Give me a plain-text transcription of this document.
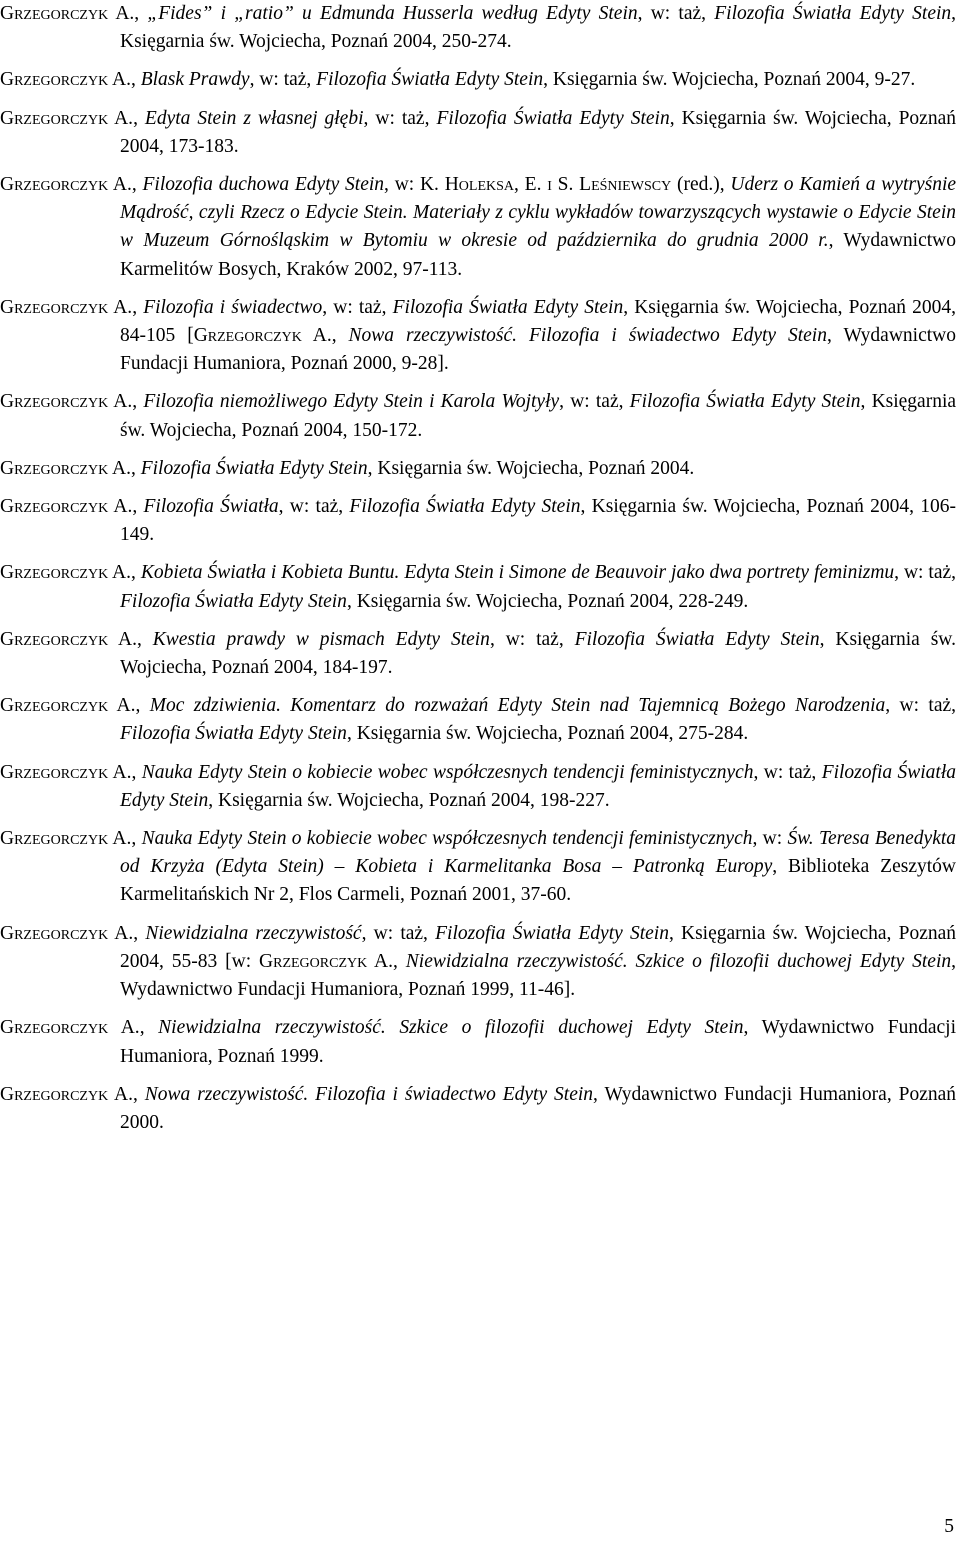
Grzegorczyk A., „Fides” i „ratio” u Edmunda Husserla według Edyty Stein, w: taż, Filozofia Światła Edyty Stein, Księgarnia św. Wojciecha, Poznań 2004, 250-274.
Grzegorczyk A., Blask Prawdy, w: taż, Filozofia Światła Edyty Stein, Księgarnia św. Wojciecha, Poznań 2004, 9-27.
Grzegorczyk A., Edyta Stein z własnej głębi, w: taż, Filozofia Światła Edyty Stein, Księgarnia św. Wojciecha, Poznań 2004, 173-183.
Grzegorczyk A., Filozofia duchowa Edyty Stein, w: K. Holeksa, E. i S. Leśniewscy (red.), Uderz o Kamień a wytryśnie Mądrość, czyli Rzecz o Edycie Stein. Materiały z cyklu wykładów towarzyszących wystawie o Edycie Stein w Muzeum Górnośląskim w Bytomiu w okresie od października do grudnia 2000 r., Wydawnictwo Karmelitów Bosych, Kraków 2002, 97-113.
Grzegorczyk A., Filozofia i świadectwo, w: taż, Filozofia Światła Edyty Stein, Księgarnia św. Wojciecha, Poznań 2004, 84-105 [Grzegorczyk A., Nowa rzeczywistość. Filozofia i świadectwo Edyty Stein, Wydawnictwo Fundacji Humaniora, Poznań 2000, 9-28].
Grzegorczyk A., Filozofia niemożliwego Edyty Stein i Karola Wojtyły, w: taż, Filozofia Światła Edyty Stein, Księgarnia św. Wojciecha, Poznań 2004, 150-172.
Grzegorczyk A., Filozofia Światła Edyty Stein, Księgarnia św. Wojciecha, Poznań 2004.
Grzegorczyk A., Filozofia Światła, w: taż, Filozofia Światła Edyty Stein, Księgarnia św. Wojciecha, Poznań 2004, 106-149.
Grzegorczyk A., Kobieta Światła i Kobieta Buntu. Edyta Stein i Simone de Beauvoir jako dwa portrety feminizmu, w: taż, Filozofia Światła Edyty Stein, Księgarnia św. Wojciecha, Poznań 2004, 228-249.
Grzegorczyk A., Kwestia prawdy w pismach Edyty Stein, w: taż, Filozofia Światła Edyty Stein, Księgarnia św. Wojciecha, Poznań 2004, 184-197.
Grzegorczyk A., Moc zdziwienia. Komentarz do rozważań Edyty Stein nad Tajemnicą Bożego Narodzenia, w: taż, Filozofia Światła Edyty Stein, Księgarnia św. Wojciecha, Poznań 2004, 275-284.
Grzegorczyk A., Nauka Edyty Stein o kobiecie wobec współczesnych tendencji feministycznych, w: taż, Filozofia Światła Edyty Stein, Księgarnia św. Wojciecha, Poznań 2004, 198-227.
Grzegorczyk A., Nauka Edyty Stein o kobiecie wobec współczesnych tendencji feministycznych, w: Św. Teresa Benedykta od Krzyża (Edyta Stein) – Kobieta i Karmelitanka Bosa – Patronką Europy, Biblioteka Zeszytów Karmelitańskich Nr 2, Flos Carmeli, Poznań 2001, 37-60.
Grzegorczyk A., Niewidzialna rzeczywistość, w: taż, Filozofia Światła Edyty Stein, Księgarnia św. Wojciecha, Poznań 2004, 55-83 [w: Grzegorczyk A., Niewidzialna rzeczywistość. Szkice o filozofii duchowej Edyty Stein, Wydawnictwo Fundacji Humaniora, Poznań 1999, 11-46].
Grzegorczyk A., Niewidzialna rzeczywistość. Szkice o filozofii duchowej Edyty Stein, Wydawnictwo Fundacji Humaniora, Poznań 1999.
Grzegorczyk A., Nowa rzeczywistość. Filozofia i świadectwo Edyty Stein, Wydawnictwo Fundacji Humaniora, Poznań 2000.
5
